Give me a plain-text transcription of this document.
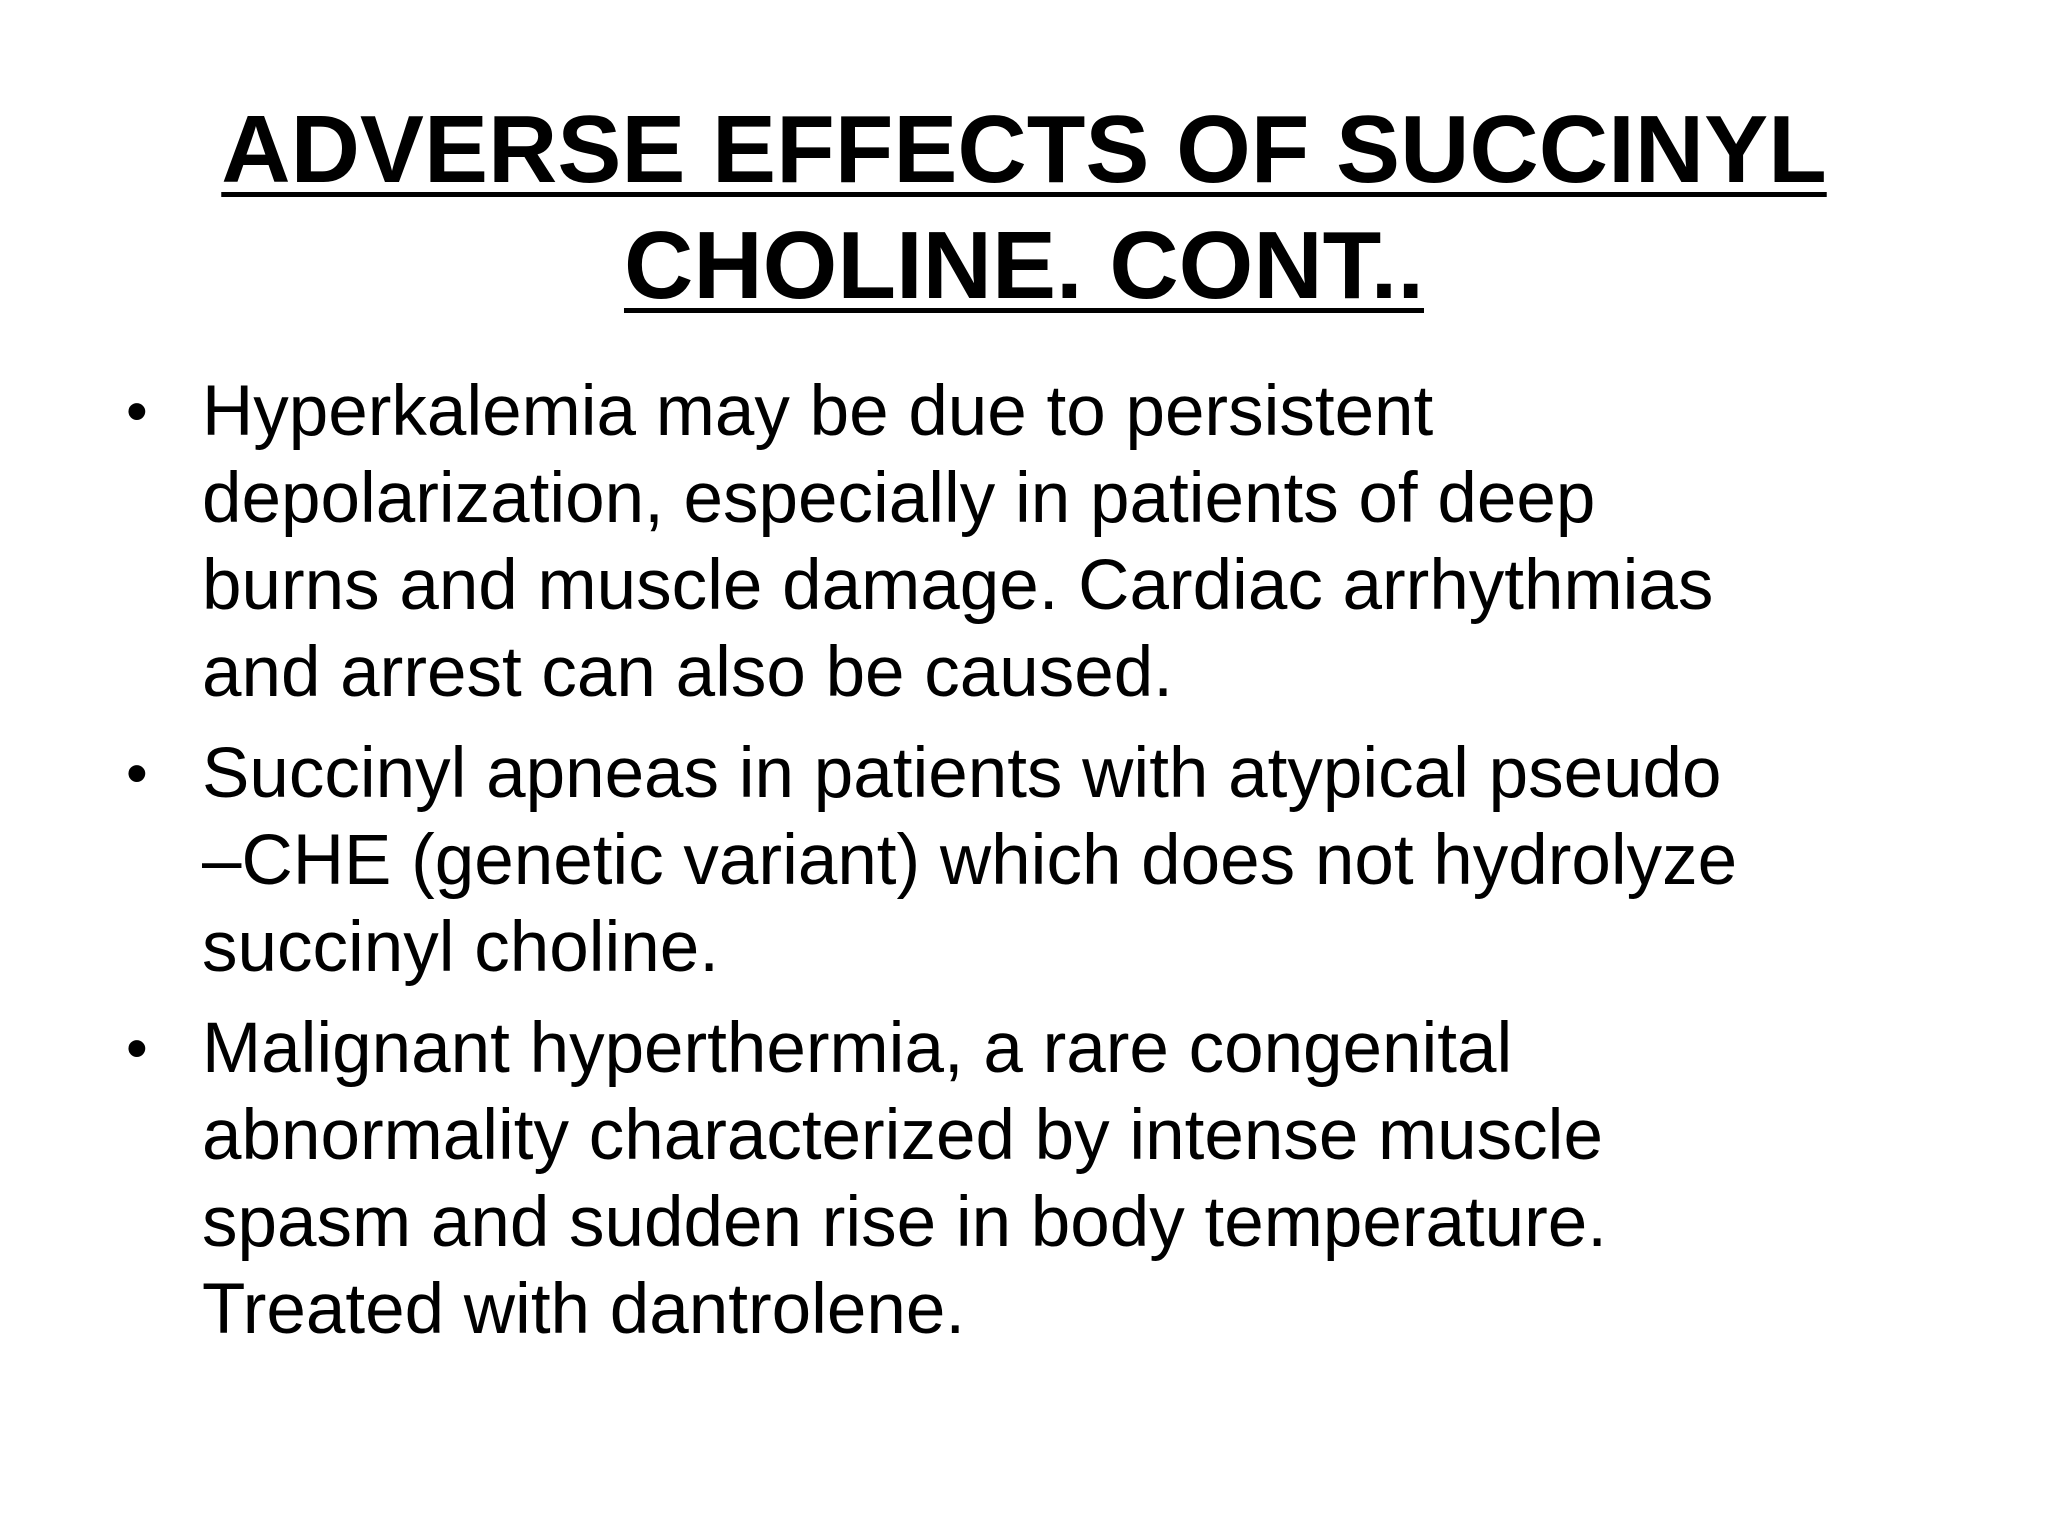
ADVERSE EFFECTS OF SUCCINYL
CHOLINE. CONT..
• Hyperkalemia may be due to persistent
depolarization, especially in patients of deep
burns and muscle damage. Cardiac arrhythmias
and arrest can also be caused.
• Succinyl apneas in patients with atypical pseudo
–CHE (genetic variant) which does not hydrolyze
succinyl choline.
• Malignant hyperthermia, a rare congenital
abnormality characterized by intense muscle
spasm and sudden rise in body temperature.
Treated with dantrolene.
